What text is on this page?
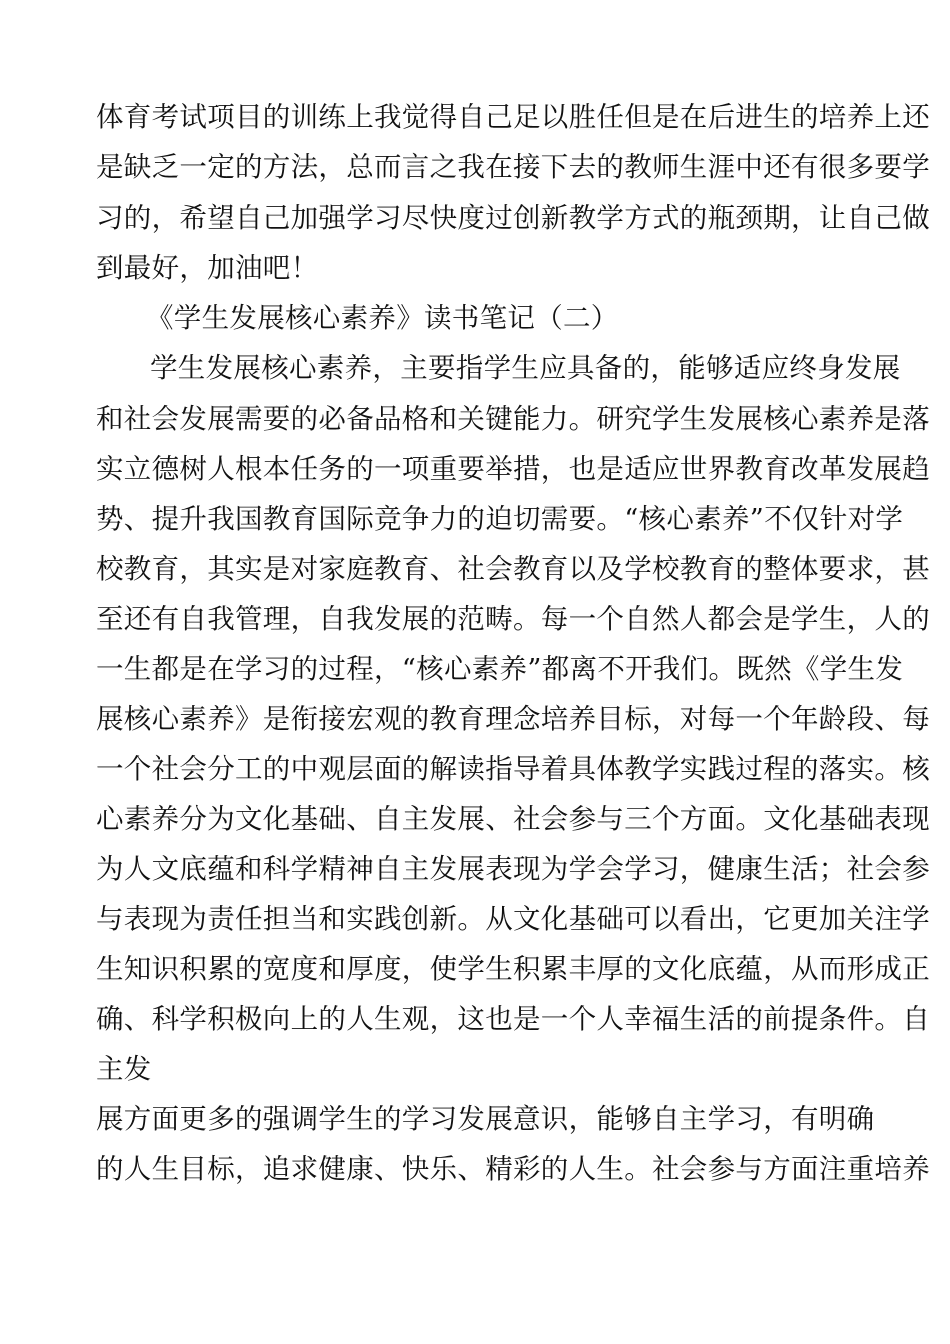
体育考试项目的训练上我觉得自己足以胜任但是在后进生的培养上还
是缺乏一定的方法，总而言之我在接下去的教师生涯中还有很多要学
习的，希望自己加强学习尽快度过创新教学方式的瓶颈期，让自己做
到最好，加油吧！
《学生发展核心素养》读书笔记（二）
学生发展核心素养，主要指学生应具备的，能够适应终身发展
和社会发展需要的必备品格和关键能力。研究学生发展核心素养是落
实立德树人根本任务的一项重要举措，也是适应世界教育改革发展趋
势、提升我国教育国际竞争力的迫切需要。“核心素养”不仅针对学
校教育，其实是对家庭教育、社会教育以及学校教育的整体要求，甚
至还有自我管理，自我发展的范畴。每一个自然人都会是学生，人的
一生都是在学习的过程，“核心素养”都离不开我们。既然《学生发
展核心素养》是衔接宏观的教育理念培养目标，对每一个年龄段、每
一个社会分工的中观层面的解读指导着具体教学实践过程的落实。核
心素养分为文化基础、自主发展、社会参与三个方面。文化基础表现
为人文底蕴和科学精神自主发展表现为学会学习，健康生活；社会参
与表现为责任担当和实践创新。从文化基础可以看出，它更加关注学
生知识积累的宽度和厚度，使学生积累丰厚的文化底蕴，从而形成正
确、科学积极向上的人生观，这也是一个人幸福生活的前提条件。自
主发
展方面更多的强调学生的学习发展意识，能够自主学习，有明确
的人生目标，追求健康、快乐、精彩的人生。社会参与方面注重培养
